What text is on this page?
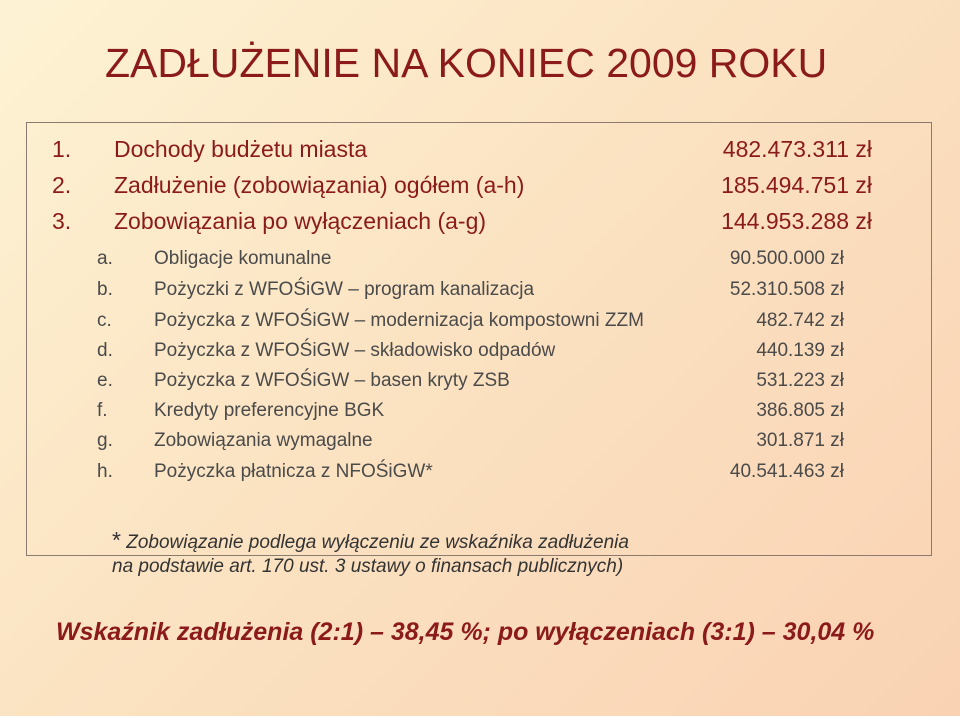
ZADŁUŻENIE NA KONIEC 2009 ROKU
1. Dochody budżetu miasta	482.473.311 zł
2. Zadłużenie (zobowiązania) ogółem (a-h)	185.494.751 zł
3. Zobowiązania po wyłączeniach (a-g)	144.953.288 zł
a. Obligacje komunalne	90.500.000 zł
b. Pożyczki z WFOŚiGW – program kanalizacja	52.310.508 zł
c. Pożyczka z WFOŚiGW – modernizacja kompostowni ZZM	482.742 zł
d. Pożyczka z WFOŚiGW – składowisko odpadów	440.139 zł
e. Pożyczka z WFOŚiGW – basen kryty ZSB	531.223 zł
f. Kredyty preferencyjne BGK	386.805 zł
g. Zobowiązania wymagalne	301.871 zł
h. Pożyczka płatnicza z NFOŚiGW*	40.541.463 zł
* Zobowiązanie podlega wyłączeniu ze wskaźnika zadłużenia
na podstawie art. 170 ust. 3 ustawy o finansach publicznych)
Wskaźnik zadłużenia (2:1) – 38,45 %; po wyłączeniach (3:1) – 30,04 %
